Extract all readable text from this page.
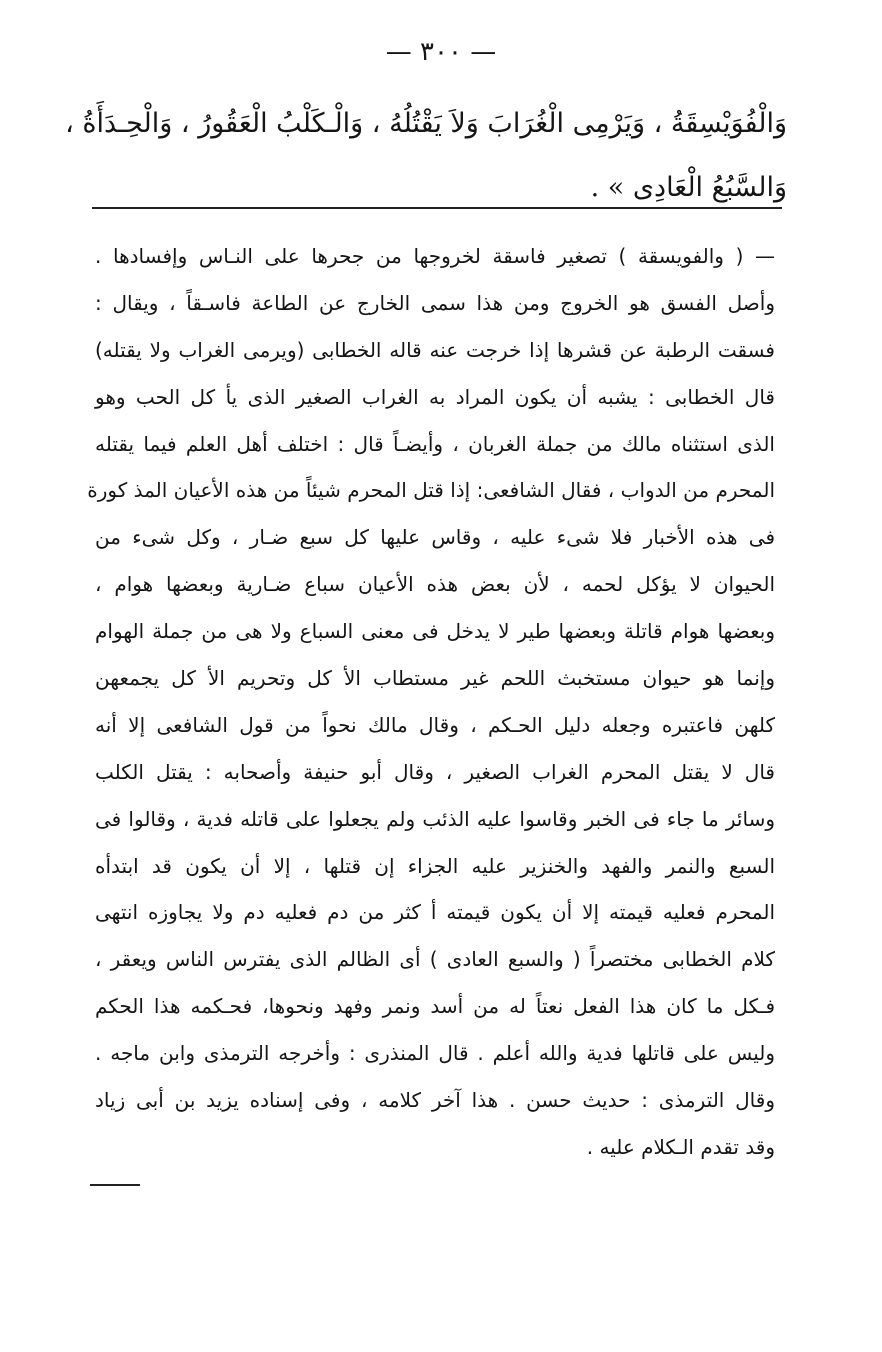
— ٣٠٠ —
وَالْفُوَيْسِقَةُ ، وَيَرْمِى الْغُرَابَ وَلاَ يَقْتُلُهُ ، وَالْـكَلْبُ الْعَقُورُ ، وَالْحِـدَأَةُ ،
وَالسَّبُعُ الْعَادِى » .
— ( والفويسقة ) تصغير فاسقة لخروجها من جحرها على النـاس وإفسادها .
وأصل الفسق هو الخروج ومن هذا سمى الخارج عن الطاعة فاسـقاً ، ويقال :
فسقت الرطبة عن قشرها إذا خرجت عنه قاله الخطابى (ويرمى الغراب ولا يقتله)
قال الخطابى : يشبه أن يكون المراد به الغراب الصغير الذى يأ كل الحب وهو
الذى استثناه مالك من جملة الغربان ، وأيضـاً قال : اختلف أهل العلم فيما يقتله
المحرم من الدواب ، فقال الشافعى: إذا قتل المحرم شيئاً من هذه الأعيان المذ كورة
فى هذه الأخبار فلا شىء عليه ، وقاس عليها كل سبع ضـار ، وكل شىء من
الحيوان لا يؤكل لحمه ، لأن بعض هذه الأعيان سباع ضـارية وبعضها هوام ،
وبعضها هوام قاتلة وبعضها طير لا يدخل فى معنى السباع ولا هى من جملة الهوام
وإنما هو حيوان مستخبث اللحم غير مستطاب الأ كل وتحريم الأ كل يجمعهن
كلهن فاعتبره وجعله دليل الحـكم ، وقال مالك نحواً من قول الشافعى إلا أنه
قال لا يقتل المحرم الغراب الصغير ، وقال أبو حنيفة وأصحابه : يقتل الكلب
وسائر ما جاء فى الخبر وقاسوا عليه الذئب ولم يجعلوا على قاتله فدية ، وقالوا فى
السبع والنمر والفهد والخنزير عليه الجزاء إن قتلها ، إلا أن يكون قد ابتدأه
المحرم فعليه قيمته إلا أن يكون قيمته أ كثر من دم فعليه دم ولا يجاوزه انتهى
كلام الخطابى مختصراً ( والسبع العادى ) أى الظالم الذى يفترس الناس ويعقر ،
فـكل ما كان هذا الفعل نعتاً له من أسد ونمر وفهد ونحوها، فحـكمه هذا الحكم
وليس على قاتلها فدية والله أعلم . قال المنذرى : وأخرجه الترمذى وابن ماجه .
وقال الترمذى : حديث حسن . هذا آخر كلامه ، وفى إسناده يزيد بن أبى زياد
وقد تقدم الـكلام عليه .
